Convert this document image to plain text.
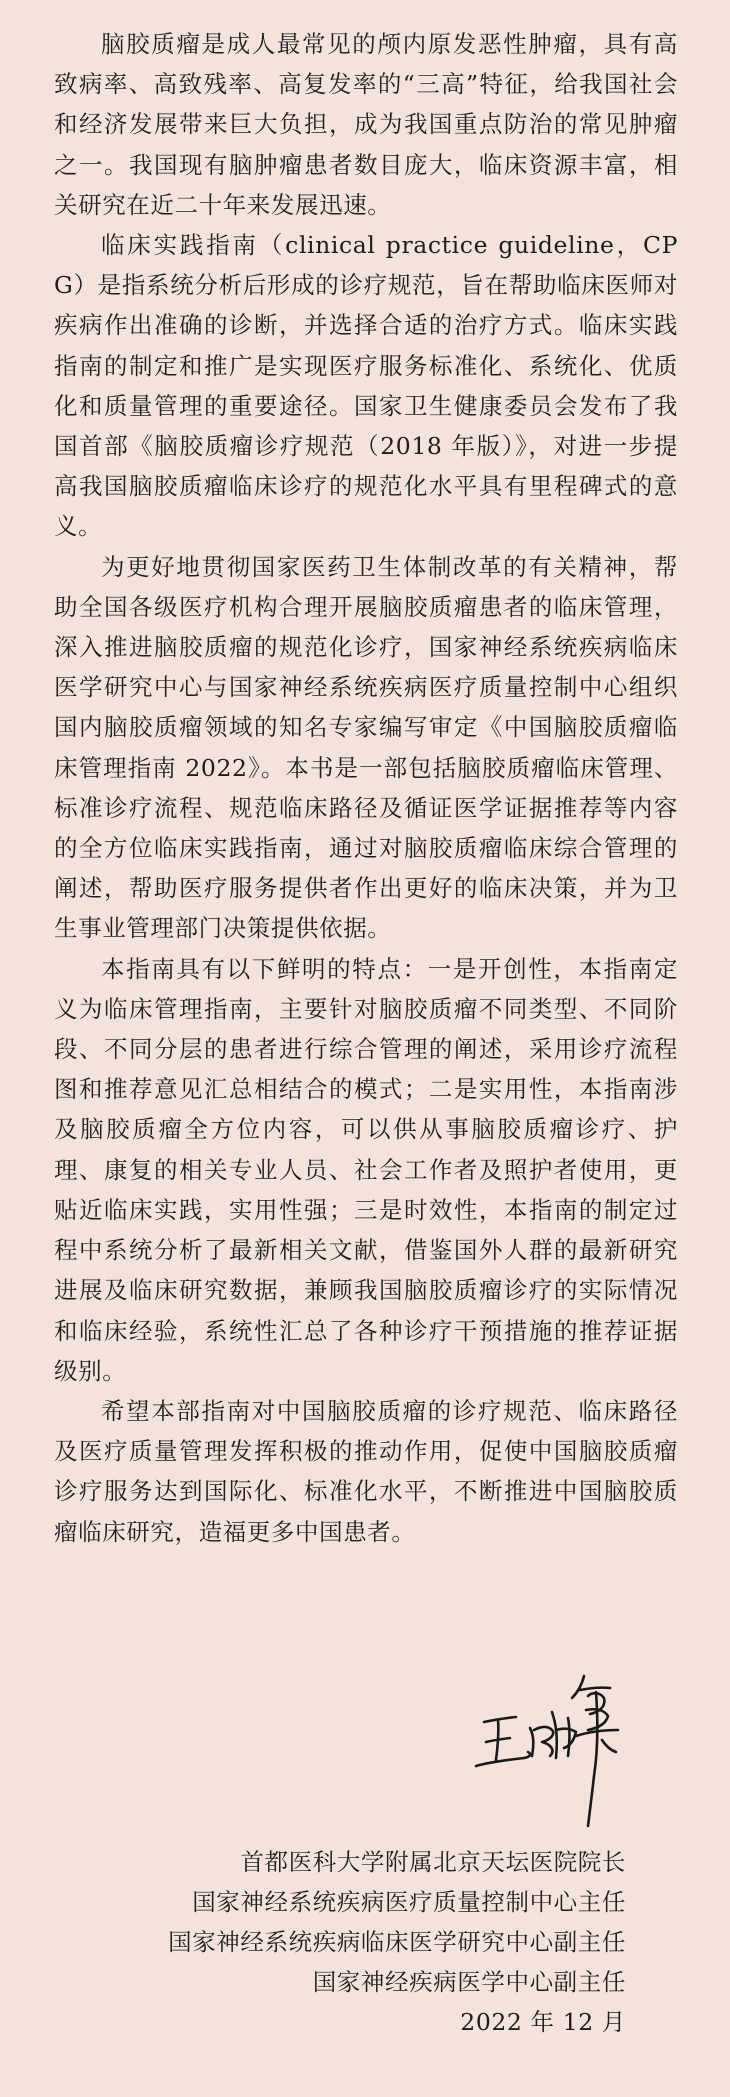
脑胶质瘤是成人最常见的颅内原发恶性肿瘤，具有高致病率、高致残率、高复发率的“三高”特征，给我国社会和经济发展带来巨大负担，成为我国重点防治的常见肿瘤之一。我国现有脑肿瘤患者数目庞大，临床资源丰富，相关研究在近二十年来发展迅速。

临床实践指南（clinical practice guideline，CPG）是指系统分析后形成的诊疗规范，旨在帮助临床医师对疾病作出准确的诊断，并选择合适的治疗方式。临床实践指南的制定和推广是实现医疗服务标准化、系统化、优质化和质量管理的重要途径。国家卫生健康委员会发布了我国首部《脑胶质瘤诊疗规范（2018 年版）》，对进一步提高我国脑胶质瘤临床诊疗的规范化水平具有里程碑式的意义。

为更好地贯彻国家医药卫生体制改革的有关精神，帮助全国各级医疗机构合理开展脑胶质瘤患者的临床管理，深入推进脑胶质瘤的规范化诊疗，国家神经系统疾病临床医学研究中心与国家神经系统疾病医疗质量控制中心组织国内脑胶质瘤领域的知名专家编写审定《中国脑胶质瘤临床管理指南 2022》。本书是一部包括脑胶质瘤临床管理、标准诊疗流程、规范临床路径及循证医学证据推荐等内容的全方位临床实践指南，通过对脑胶质瘤临床综合管理的阐述，帮助医疗服务提供者作出更好的临床决策，并为卫生事业管理部门决策提供依据。

本指南具有以下鲜明的特点：一是开创性，本指南定义为临床管理指南，主要针对脑胶质瘤不同类型、不同阶段、不同分层的患者进行综合管理的阐述，采用诊疗流程图和推荐意见汇总相结合的模式；二是实用性，本指南涉及脑胶质瘤全方位内容，可以供从事脑胶质瘤诊疗、护理、康复的相关专业人员、社会工作者及照护者使用，更贴近临床实践，实用性强；三是时效性，本指南的制定过程中系统分析了最新相关文献，借鉴国外人群的最新研究进展及临床研究数据，兼顾我国脑胶质瘤诊疗的实际情况和临床经验，系统性汇总了各种诊疗干预措施的推荐证据级别。

希望本部指南对中国脑胶质瘤的诊疗规范、临床路径及医疗质量管理发挥积极的推动作用，促使中国脑胶质瘤诊疗服务达到国际化、标准化水平，不断推进中国脑胶质瘤临床研究，造福更多中国患者。

首都医科大学附属北京天坛医院院长
国家神经系统疾病医疗质量控制中心主任
国家神经系统疾病临床医学研究中心副主任
国家神经疾病医学中心副主任
2022 年 12 月
